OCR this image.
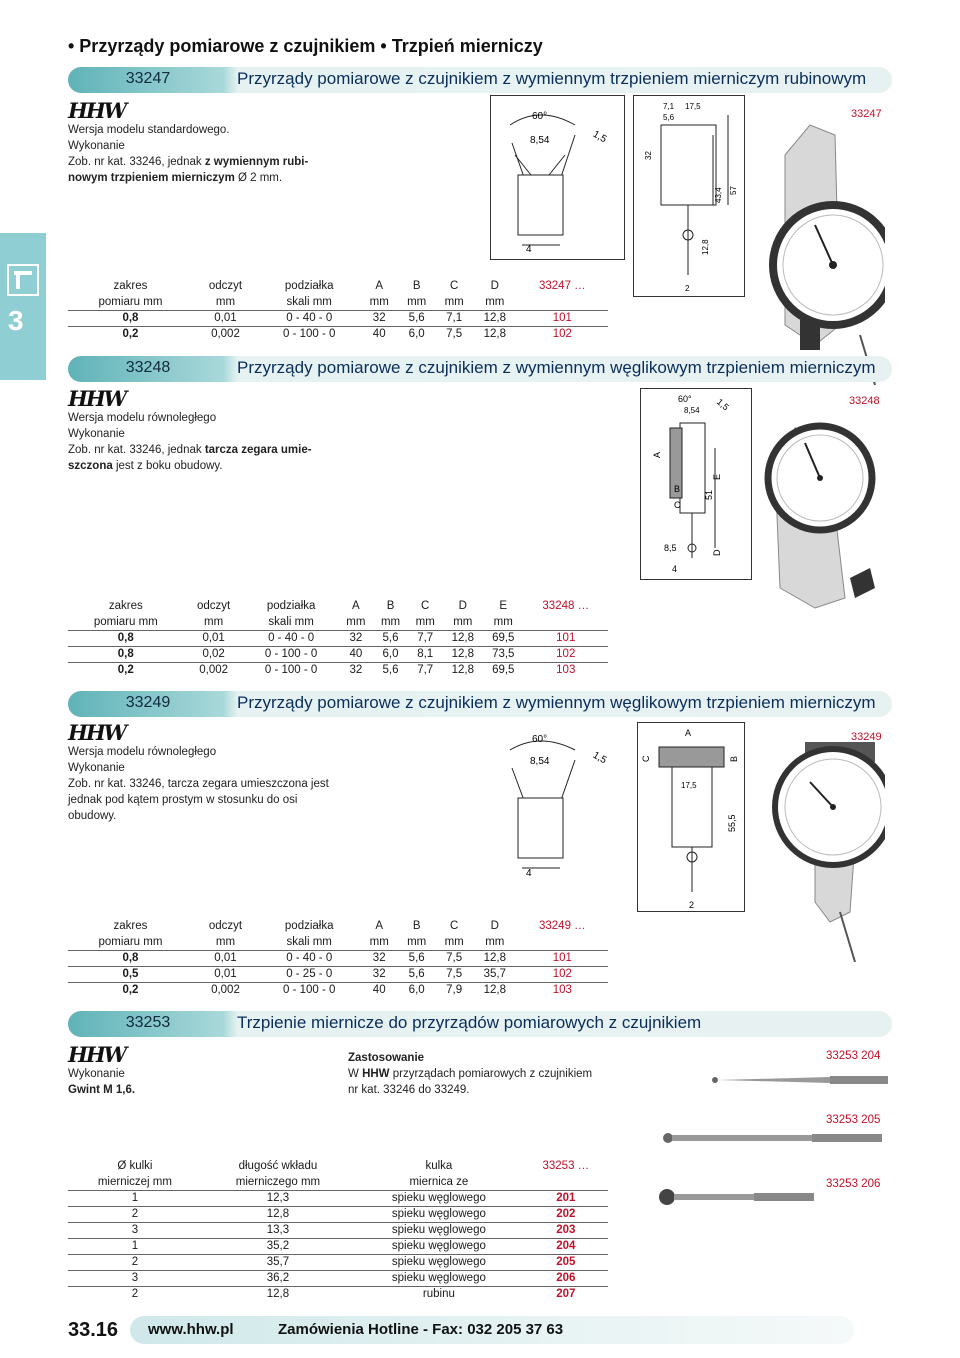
• Przyrządy pomiarowe z czujnikiem • Trzpień mierniczy
3
33247	Przyrządy pomiarowe z czujnikiem z wymiennym trzpieniem mierniczym rubinowym
HHW
Wersja modelu standardowego.
Wykonanie
Zob. nr kat. 33246, jednak z wymiennym rubi-
nowym trzpieniem mierniczym Ø 2 mm.
60°
8,54	1,5
4
7,1
5,6
17,5
32
43,4 57
12,8
2
33247
zakres	odczyt	podziałka	A	B	C	D	33247 …
pomiaru mm	mm	skali mm	mm	mm	mm	mm	
0,8	0,01	0 - 40 - 0	32	5,6	7,1	12,8	101
0,2	0,002	0 - 100 - 0	40	6,0	7,5	12,8	102
33248	Przyrządy pomiarowe z czujnikiem z wymiennym węglikowym trzpieniem mierniczym
HHW
Wersja modelu równoległego
Wykonanie
Zob. nr kat. 33246, jednak tarcza zegara umie-
szczona jest z boku obudowy.
60°
8,54 1,5
A
B
C
E
51
8,5
4
D
33248
zakres	odczyt	podziałka	A	B	C	D	E	33248 …
pomiaru mm	mm	skali mm	mm	mm	mm	mm	mm	
0,8	0,01	0 - 40 - 0	32	5,6	7,7	12,8	69,5	101
0,8	0,02	0 - 100 - 0	40	6,0	8,1	12,8	73,5	102
0,2	0,002	0 - 100 - 0	32	5,6	7,7	12,8	69,5	103
33249	Przyrządy pomiarowe z czujnikiem z wymiennym węglikowym trzpieniem mierniczym
HHW
Wersja modelu równoległego
Wykonanie
Zob. nr kat. 33246, tarcza zegara umieszczona jest
jednak pod kątem prostym w stosunku do osi
obudowy.
60°
8,54	1,5
4
C
A
B
17,5
55,5
2
33249
zakres	odczyt	podziałka	A	B	C	D	33249 …
pomiaru mm	mm	skali mm	mm	mm	mm	mm	
0,8	0,01	0 - 40 - 0	32	5,6	7,5	12,8	101
0,5	0,01	0 - 25 - 0	32	5,6	7,5	35,7	102
0,2	0,002	0 - 100 - 0	40	6,0	7,9	12,8	103
33253	Trzpienie miernicze do przyrządów pomiarowych z czujnikiem
HHW
Wykonanie
Gwint M 1,6.
Zastosowanie
W HHW przyrządach pomiarowych z czujnikiem
nr kat. 33246 do 33249.
33253 204
33253 205
33253 206
Ø kulki	długość wkładu	kulka	33253 …
mierniczej mm	mierniczego mm	miernica ze	
1	12,3	spieku węglowego	201
2	12,8	spieku węglowego	202
3	13,3	spieku węglowego	203
1	35,2	spieku węglowego	204
2	35,7	spieku węglowego	205
3	36,2	spieku węglowego	206
2	12,8	rubinu	207
www.hhw.pl	Zamówienia Hotline - Fax: 032 205 37 63
33.16
